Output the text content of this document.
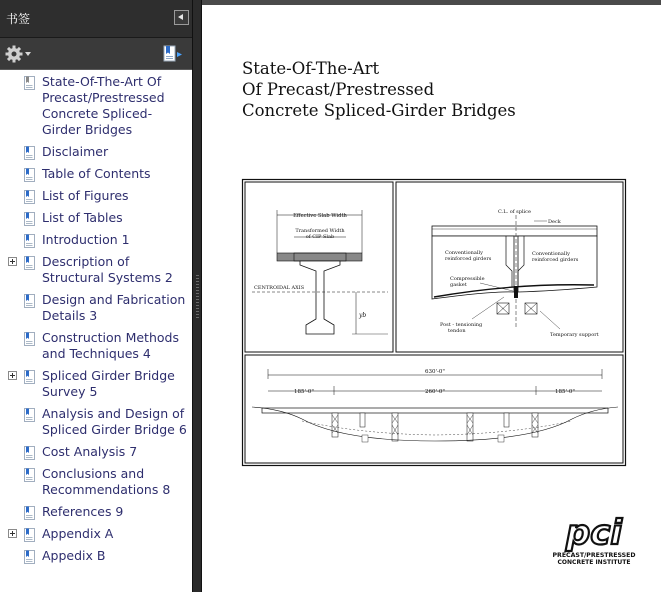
书签
State-Of-The-Art Of Precast/Prestressed Concrete Spliced-Girder Bridges
Disclaimer
Table of Contents
List of Figures
List of Tables
Introduction 1
Description of Structural Systems 2
Design and Fabrication Details 3
Construction Methods and Techniques 4
Spliced Girder Bridge Survey 5
Analysis and Design of Spliced Girder Bridge 6
Cost Analysis 7
Conclusions and Recommendations 8
References 9
Appendix A
Appedix B
State-Of-The-Art
Of Precast/Prestressed
Concrete Spliced-Girder Bridges
Effective Slab Width
Transformed Width
of CIP Slab
CENTROIDAL AXIS
yb
C.L. of splice
Deck
Conventionally
reinforced girders
Conventionally
reinforced girders
Compressible
gasket
Post - tensioning
tendon
Temporary support
630'-0"
185'-0"	260'-0"	185'-0"
pci
PRECAST/PRESTRESSED
CONCRETE INSTITUTE
